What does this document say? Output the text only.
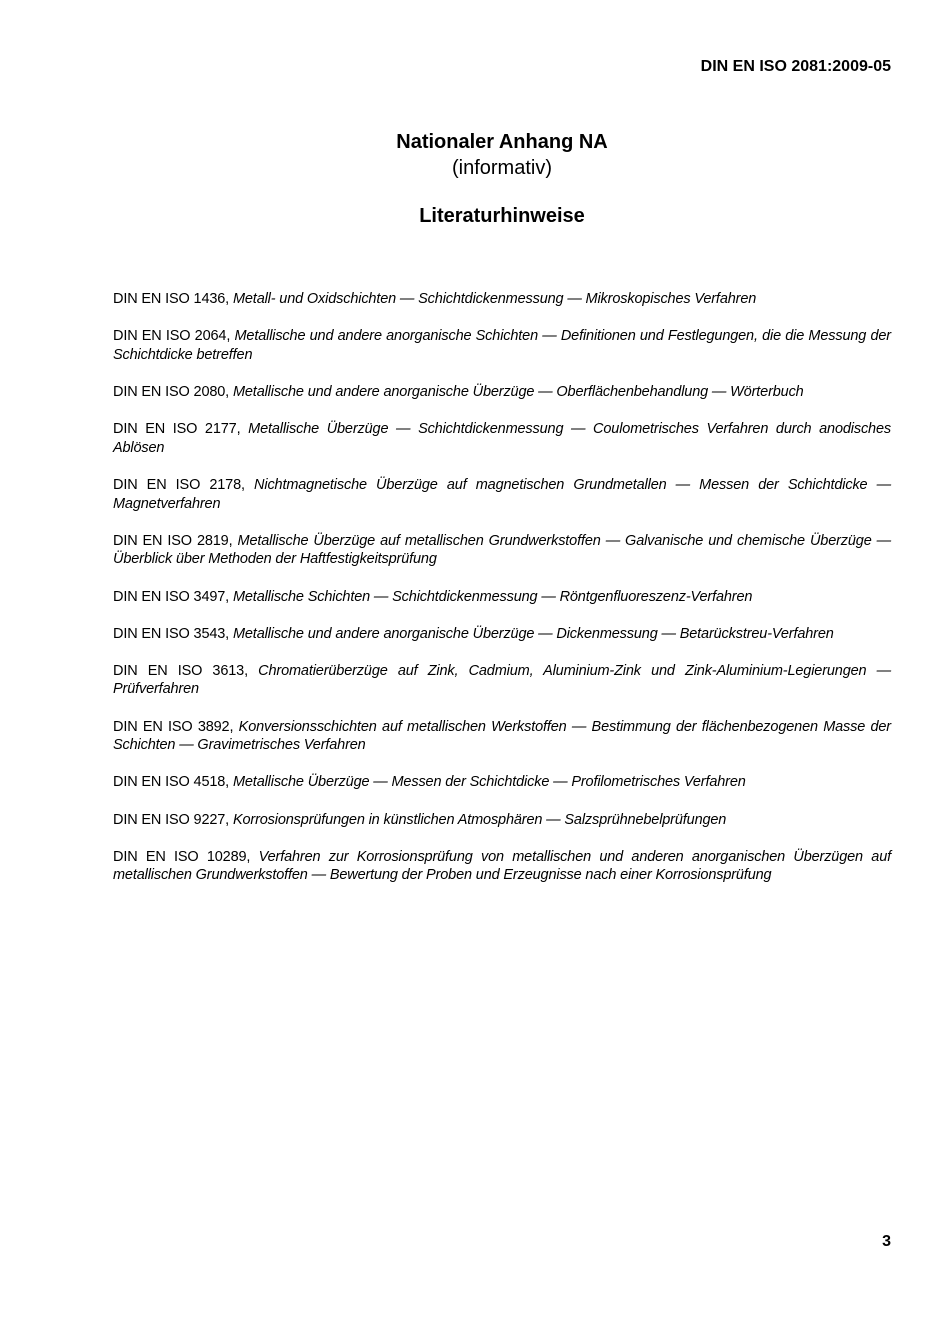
DIN EN ISO 2081:2009-05
Nationaler Anhang NA
(informativ)
Literaturhinweise

DIN EN ISO 1436, Metall- und Oxidschichten — Schichtdickenmessung — Mikroskopisches Verfahren

DIN EN ISO 2064, Metallische und andere anorganische Schichten — Definitionen und Festlegungen, die die Messung der Schichtdicke betreffen

DIN EN ISO 2080, Metallische und andere anorganische Überzüge — Oberflächenbehandlung — Wörterbuch

DIN EN ISO 2177, Metallische Überzüge — Schichtdickenmessung — Coulometrisches Verfahren durch anodisches Ablösen

DIN EN ISO 2178, Nichtmagnetische Überzüge auf magnetischen Grundmetallen — Messen der Schichtdicke — Magnetverfahren

DIN EN ISO 2819, Metallische Überzüge auf metallischen Grundwerkstoffen — Galvanische und chemische Überzüge — Überblick über Methoden der Haftfestigkeitsprüfung

DIN EN ISO 3497, Metallische Schichten — Schichtdickenmessung — Röntgenfluoreszenz-Verfahren

DIN EN ISO 3543, Metallische und andere anorganische Überzüge — Dickenmessung — Betarückstreu-Verfahren

DIN EN ISO 3613, Chromatierüberzüge auf Zink, Cadmium, Aluminium-Zink und Zink-Aluminium-Legierungen — Prüfverfahren

DIN EN ISO 3892, Konversionsschichten auf metallischen Werkstoffen — Bestimmung der flächenbezogenen Masse der Schichten — Gravimetrisches Verfahren

DIN EN ISO 4518, Metallische Überzüge — Messen der Schichtdicke — Profilometrisches Verfahren

DIN EN ISO 9227, Korrosionsprüfungen in künstlichen Atmosphären — Salzsprühnebelprüfungen

DIN EN ISO 10289, Verfahren zur Korrosionsprüfung von metallischen und anderen anorganischen Überzügen auf metallischen Grundwerkstoffen — Bewertung der Proben und Erzeugnisse nach einer Korrosionsprüfung

3
